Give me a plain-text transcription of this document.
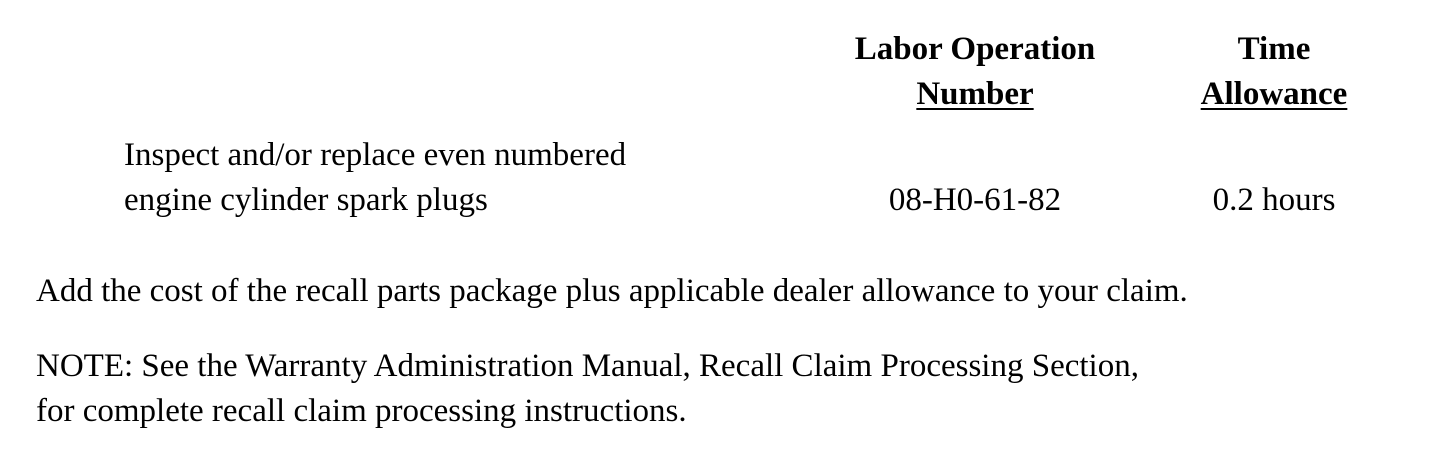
Labor Operation
Number
Time
Allowance
Inspect and/or replace even numbered
engine cylinder spark plugs	08-H0-61-82	0.2 hours
Add the cost of the recall parts package plus applicable dealer allowance to your claim.
NOTE: See the Warranty Administration Manual, Recall Claim Processing Section,
for complete recall claim processing instructions.
